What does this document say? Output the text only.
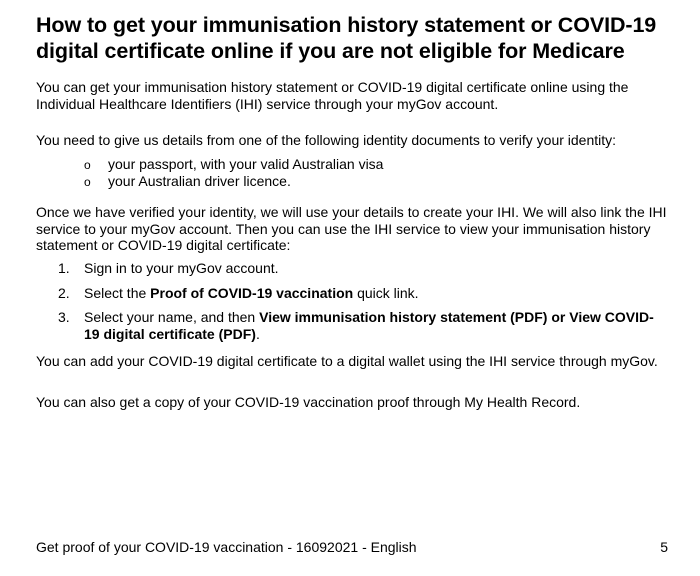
How to get your immunisation history statement or COVID-19 digital certificate online if you are not eligible for Medicare

You can get your immunisation history statement or COVID-19 digital certificate online using the Individual Healthcare Identifiers (IHI) service through your myGov account.

You need to give us details from one of the following identity documents to verify your identity:

o your passport, with your valid Australian visa
o your Australian driver licence.

Once we have verified your identity, we will use your details to create your IHI. We will also link the IHI service to your myGov account. Then you can use the IHI service to view your immunisation history statement or COVID-19 digital certificate:

1. Sign in to your myGov account.
2. Select the Proof of COVID-19 vaccination quick link.
3. Select your name, and then View immunisation history statement (PDF) or View COVID-19 digital certificate (PDF).

You can add your COVID-19 digital certificate to a digital wallet using the IHI service through myGov.

You can also get a copy of your COVID-19 vaccination proof through My Health Record.

Get proof of your COVID-19 vaccination - 16092021 - English	5
